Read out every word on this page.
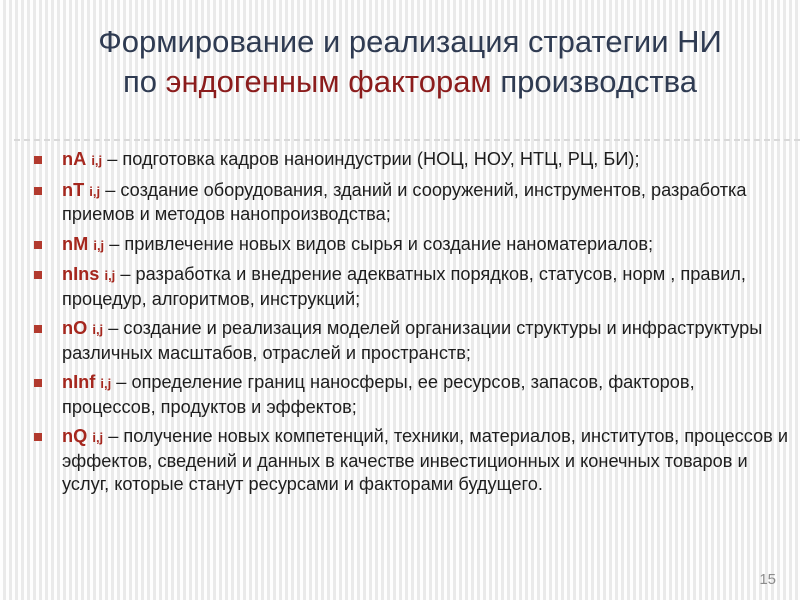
Формирование и реализация стратегии НИ
по эндогенным факторам производства
nA i,j – подготовка кадров наноиндустрии (НОЦ, НОУ, НТЦ, РЦ, БИ);
nT i,j – создание оборудования, зданий и сооружений, инструментов, разработка приемов и методов нанопроизводства;
nM i,j – привлечение новых видов сырья и создание наноматериалов;
nIns i,j – разработка и внедрение адекватных порядков, статусов, норм , правил, процедур, алгоритмов, инструкций;
nO i,j – создание и реализация моделей организации структуры и инфраструктуры различных масштабов, отраслей и пространств;
nInf i,j – определение границ наносферы, ее ресурсов, запасов, факторов, процессов, продуктов и эффектов;
nQ i,j – получение новых компетенций, техники, материалов, институтов, процессов и эффектов, сведений и данных в качестве инвестиционных и конечных товаров и услуг, которые станут ресурсами и факторами будущего.
15
